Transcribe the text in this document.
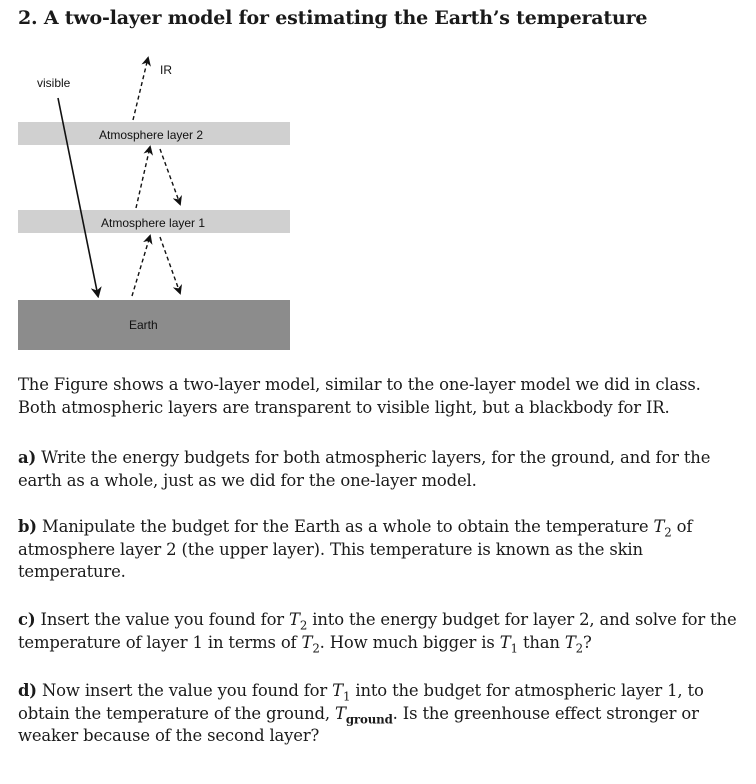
2. A two-layer model for estimating the Earth’s temperature
IR
visible
Atmosphere layer 2
Atmosphere layer 1
Earth
The Figure shows a two-layer model, similar to the one-layer model we did in class.
Both atmospheric layers are transparent to visible light, but a blackbody for IR.
a) Write the energy budgets for both atmospheric layers, for the ground, and for the earth as a whole, just as we did for the one-layer model.
b) Manipulate the budget for the Earth as a whole to obtain the temperature $T_2$ of atmosphere layer 2 (the upper layer). This temperature is known as the skin temperature.
c) Insert the value you found for $T_2$ into the energy budget for layer 2, and solve for the temperature of layer 1 in terms of $T_2$. How much bigger is $T_1$ than $T_2$?
d) Now insert the value you found for $T_1$ into the budget for atmospheric layer 1, to obtain the temperature of the ground, $T_{ground}$. Is the greenhouse effect stronger or weaker because of the second layer?
